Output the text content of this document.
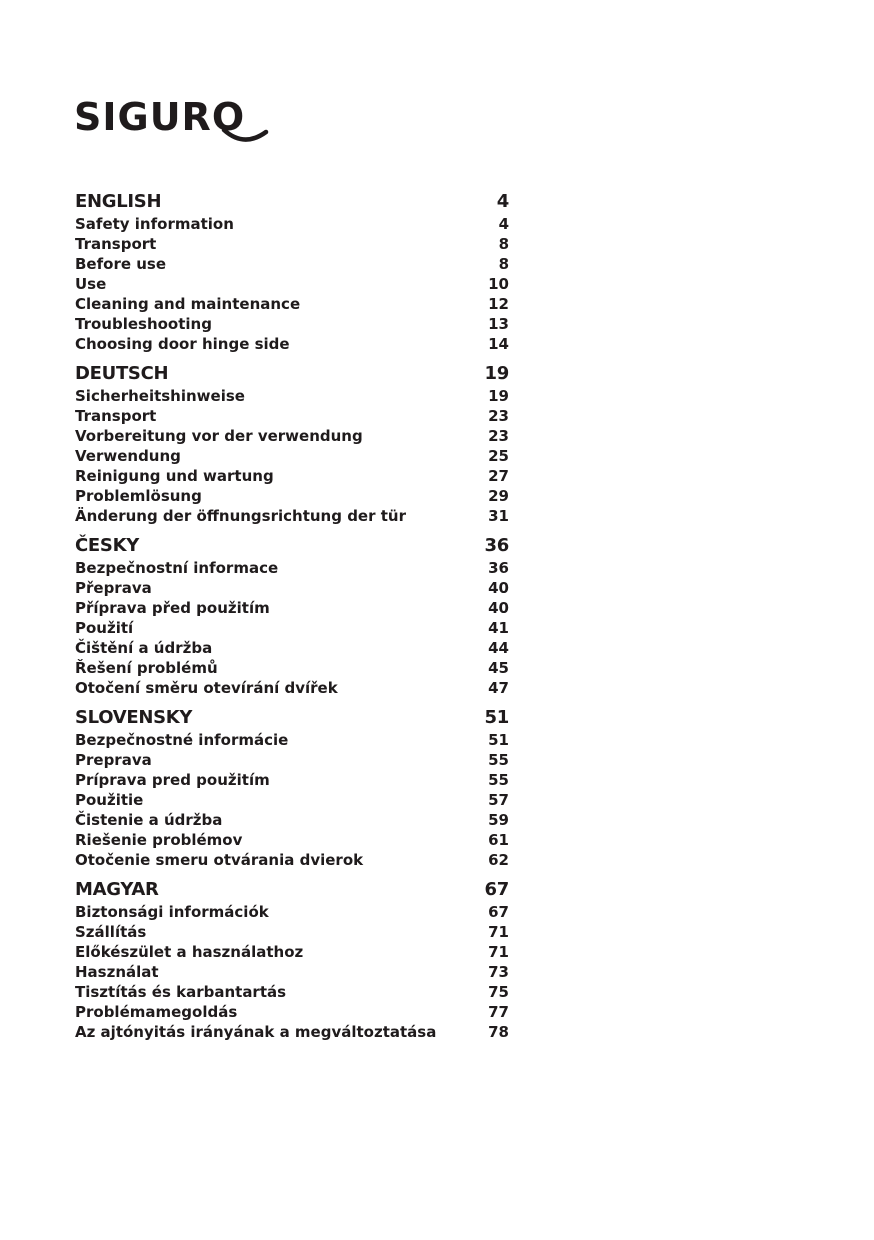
SIGURO
ENGLISH	4
Safety information	4
Transport	8
Before use	8
Use	10
Cleaning and maintenance	12
Troubleshooting	13
Choosing door hinge side	14
DEUTSCH	19
Sicherheitshinweise	19
Transport	23
Vorbereitung vor der verwendung	23
Verwendung	25
Reinigung und wartung	27
Problemlösung	29
Änderung der öffnungsrichtung der tür	31
ČESKY	36
Bezpečnostní informace	36
Přeprava	40
Příprava před použitím	40
Použití	41
Čištění a údržba	44
Řešení problémů	45
Otočení směru otevírání dvířek	47
SLOVENSKY	51
Bezpečnostné informácie	51
Preprava	55
Príprava pred použitím	55
Použitie	57
Čistenie a údržba	59
Riešenie problémov	61
Otočenie smeru otvárania dvierok	62
MAGYAR	67
Biztonsági információk	67
Szállítás	71
Előkészület a használathoz	71
Használat	73
Tisztítás és karbantartás	75
Problémamegoldás	77
Az ajtónyitás irányának a megváltoztatása	78
